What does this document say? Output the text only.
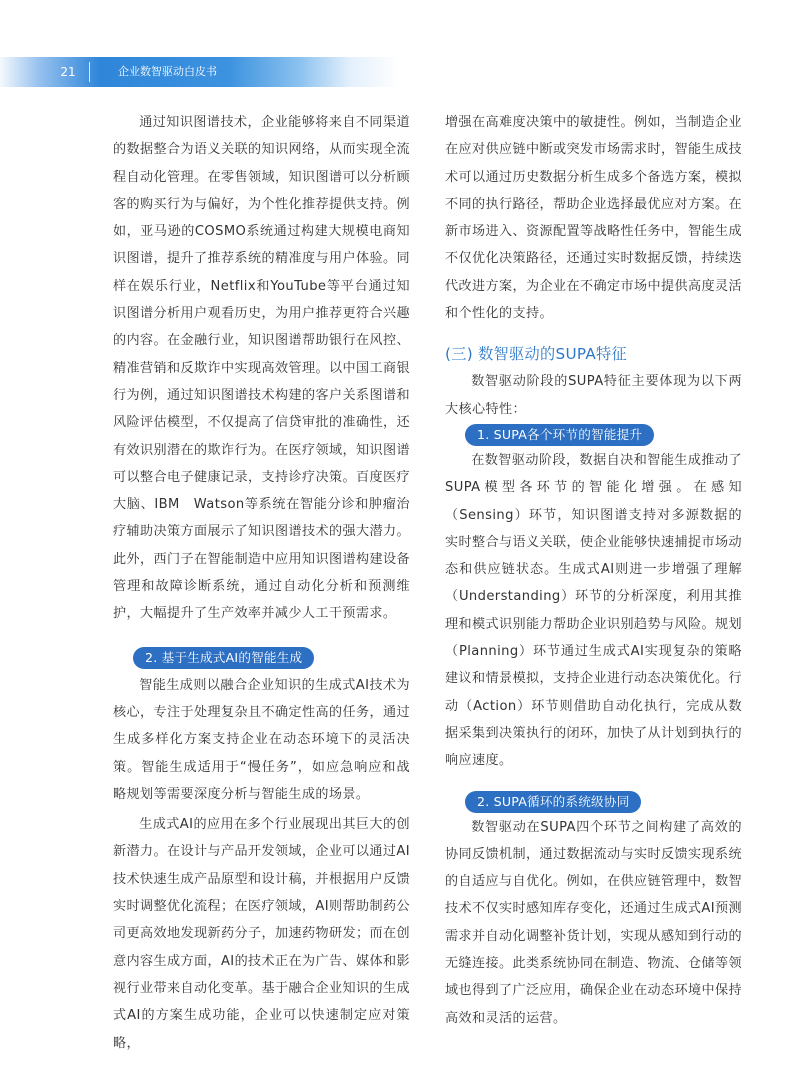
21	企业数智驱动白皮书

通过知识图谱技术，企业能够将来自不同渠道的数据整合为语义关联的知识网络，从而实现全流程自动化管理。在零售领域，知识图谱可以分析顾客的购买行为与偏好，为个性化推荐提供支持。例如，亚马逊的COSMO系统通过构建大规模电商知识图谱，提升了推荐系统的精准度与用户体验。同样在娱乐行业，Netflix和YouTube等平台通过知识图谱分析用户观看历史，为用户推荐更符合兴趣的内容。在金融行业，知识图谱帮助银行在风控、精准营销和反欺诈中实现高效管理。以中国工商银行为例，通过知识图谱技术构建的客户关系图谱和风险评估模型，不仅提高了信贷审批的准确性，还有效识别潜在的欺诈行为。在医疗领域，知识图谱可以整合电子健康记录，支持诊疗决策。百度医疗大脑、IBM　Watson等系统在智能分诊和肿瘤治疗辅助决策方面展示了知识图谱技术的强大潜力。此外，西门子在智能制造中应用知识图谱构建设备管理和故障诊断系统，通过自动化分析和预测维护，大幅提升了生产效率并减少人工干预需求。

2. 基于生成式AI的智能生成

智能生成则以融合企业知识的生成式AI技术为核心，专注于处理复杂且不确定性高的任务，通过生成多样化方案支持企业在动态环境下的灵活决策。智能生成适用于“慢任务”，如应急响应和战略规划等需要深度分析与智能生成的场景。

生成式AI的应用在多个行业展现出其巨大的创新潜力。在设计与产品开发领域，企业可以通过AI技术快速生成产品原型和设计稿，并根据用户反馈实时调整优化流程；在医疗领域，AI则帮助制药公司更高效地发现新药分子，加速药物研发；而在创意内容生成方面，AI的技术正在为广告、媒体和影视行业带来自动化变革。基于融合企业知识的生成式AI的方案生成功能，企业可以快速制定应对策略，

增强在高难度决策中的敏捷性。例如，当制造企业在应对供应链中断或突发市场需求时，智能生成技术可以通过历史数据分析生成多个备选方案，模拟不同的执行路径，帮助企业选择最优应对方案。在新市场进入、资源配置等战略性任务中，智能生成不仅优化决策路径，还通过实时数据反馈，持续迭代改进方案，为企业在不确定市场中提供高度灵活和个性化的支持。

(三) 数智驱动的SUPA特征

数智驱动阶段的SUPA特征主要体现为以下两大核心特性：

1. SUPA各个环节的智能提升

在数智驱动阶段，数据自决和智能生成推动了SUPA模型各环节的智能化增强。在感知（Sensing）环节，知识图谱支持对多源数据的实时整合与语义关联，使企业能够快速捕捉市场动态和供应链状态。生成式AI则进一步增强了理解（Understanding）环节的分析深度，利用其推理和模式识别能力帮助企业识别趋势与风险。规划（Planning）环节通过生成式AI实现复杂的策略建议和情景模拟，支持企业进行动态决策优化。行动（Action）环节则借助自动化执行，完成从数据采集到决策执行的闭环，加快了从计划到执行的响应速度。

2. SUPA循环的系统级协同

数智驱动在SUPA四个环节之间构建了高效的协同反馈机制，通过数据流动与实时反馈实现系统的自适应与自优化。例如，在供应链管理中，数智技术不仅实时感知库存变化，还通过生成式AI预测需求并自动化调整补货计划，实现从感知到行动的无缝连接。此类系统协同在制造、物流、仓储等领域也得到了广泛应用，确保企业在动态环境中保持高效和灵活的运营。
